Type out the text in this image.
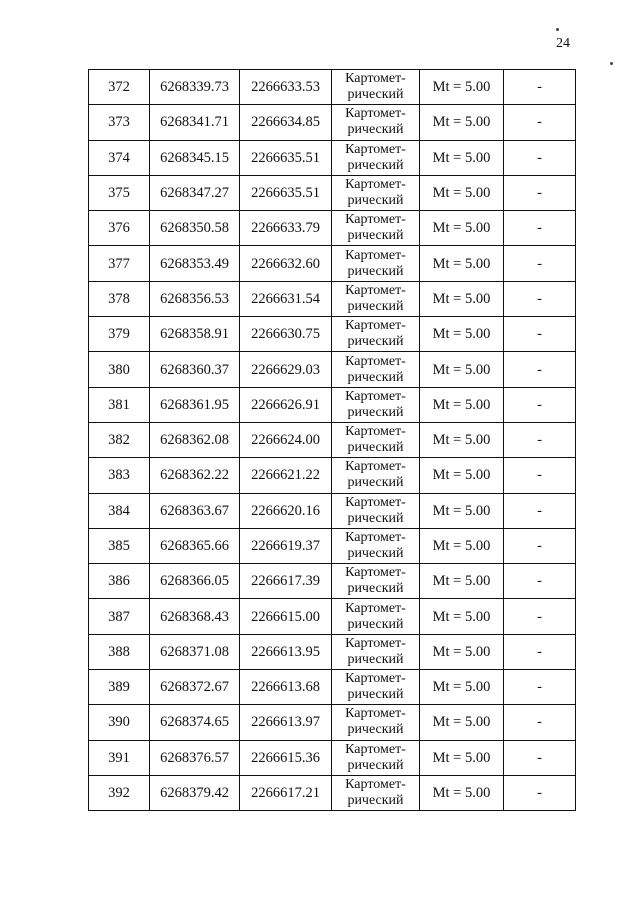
24
372	6268339.73	2266633.53	Картомет-
рический	Mt = 5.00	-
373	6268341.71	2266634.85	Картомет-
рический	Mt = 5.00	-
374	6268345.15	2266635.51	Картомет-
рический	Mt = 5.00	-
375	6268347.27	2266635.51	Картомет-
рический	Mt = 5.00	-
376	6268350.58	2266633.79	Картомет-
рический	Mt = 5.00	-
377	6268353.49	2266632.60	Картомет-
рический	Mt = 5.00	-
378	6268356.53	2266631.54	Картомет-
рический	Mt = 5.00	-
379	6268358.91	2266630.75	Картомет-
рический	Mt = 5.00	-
380	6268360.37	2266629.03	Картомет-
рический	Mt = 5.00	-
381	6268361.95	2266626.91	Картомет-
рический	Mt = 5.00	-
382	6268362.08	2266624.00	Картомет-
рический	Mt = 5.00	-
383	6268362.22	2266621.22	Картомет-
рический	Mt = 5.00	-
384	6268363.67	2266620.16	Картомет-
рический	Mt = 5.00	-
385	6268365.66	2266619.37	Картомет-
рический	Mt = 5.00	-
386	6268366.05	2266617.39	Картомет-
рический	Mt = 5.00	-
387	6268368.43	2266615.00	Картомет-
рический	Mt = 5.00	-
388	6268371.08	2266613.95	Картомет-
рический	Mt = 5.00	-
389	6268372.67	2266613.68	Картомет-
рический	Mt = 5.00	-
390	6268374.65	2266613.97	Картомет-
рический	Mt = 5.00	-
391	6268376.57	2266615.36	Картомет-
рический	Mt = 5.00	-
392	6268379.42	2266617.21	Картомет-
рический	Mt = 5.00	-
